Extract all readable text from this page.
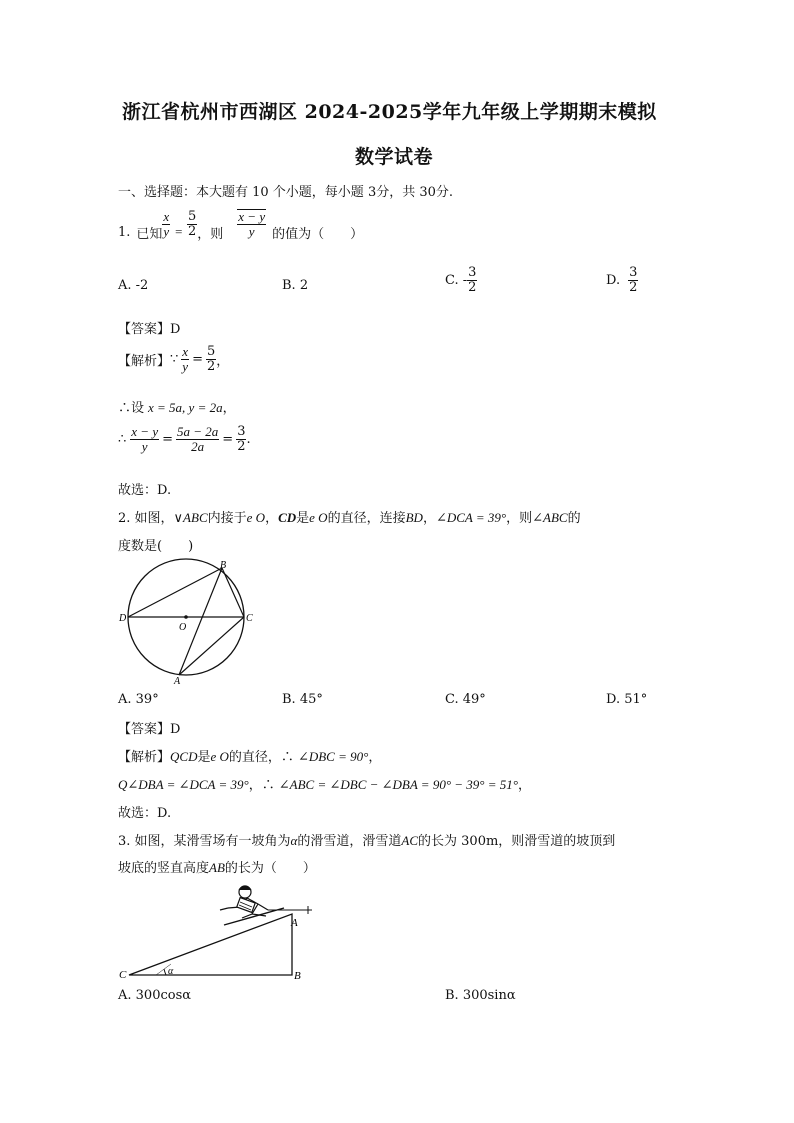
浙江省杭州市西湖区 2024-2025学年九年级上学期期末模拟
数学试卷
一、选择题：本大题有 10 个小题，每小题 3分，共 30分.
1. 已知 $\frac{x}{y} = \frac{5}{2}$ ，则 $\frac{x - y}{y}$ 的值为（　　）
A. -2	B. 2	C. - $\frac{3}{2}$	D. $\frac{3}{2}$
【答案】D
【解析】 ∵ $\frac{x}{y} = \frac{5}{2}$ ，
∴设 x = 5a, y = 2a，
∴ $\frac{x - y}{y} = \frac{5a - 2a}{2a} = \frac{3}{2}$ .
故选：D.
2. 如图，∨ABC内接于e O，CD是e O的直径，连接BD，∠DCA = 39°，则∠ABC的
度数是(　　)
B
C
D
O
A
A. 39°	B. 45°	C. 49°	D. 51°
【答案】D
【解析】QCD是e O的直径，∴ ∠DBC = 90°，
Q∠DBA = ∠DCA = 39°，∴ ∠ABC = ∠DBC − ∠DBA = 90° − 39° = 51°，
故选：D.
3. 如图，某滑雪场有一坡角为α的滑雪道，滑雪道AC的长为 300m，则滑雪道的坡顶到
坡底的竖直高度AB的长为（　　）
C	B
A
α
A. 300cosα	B. 300sinα
